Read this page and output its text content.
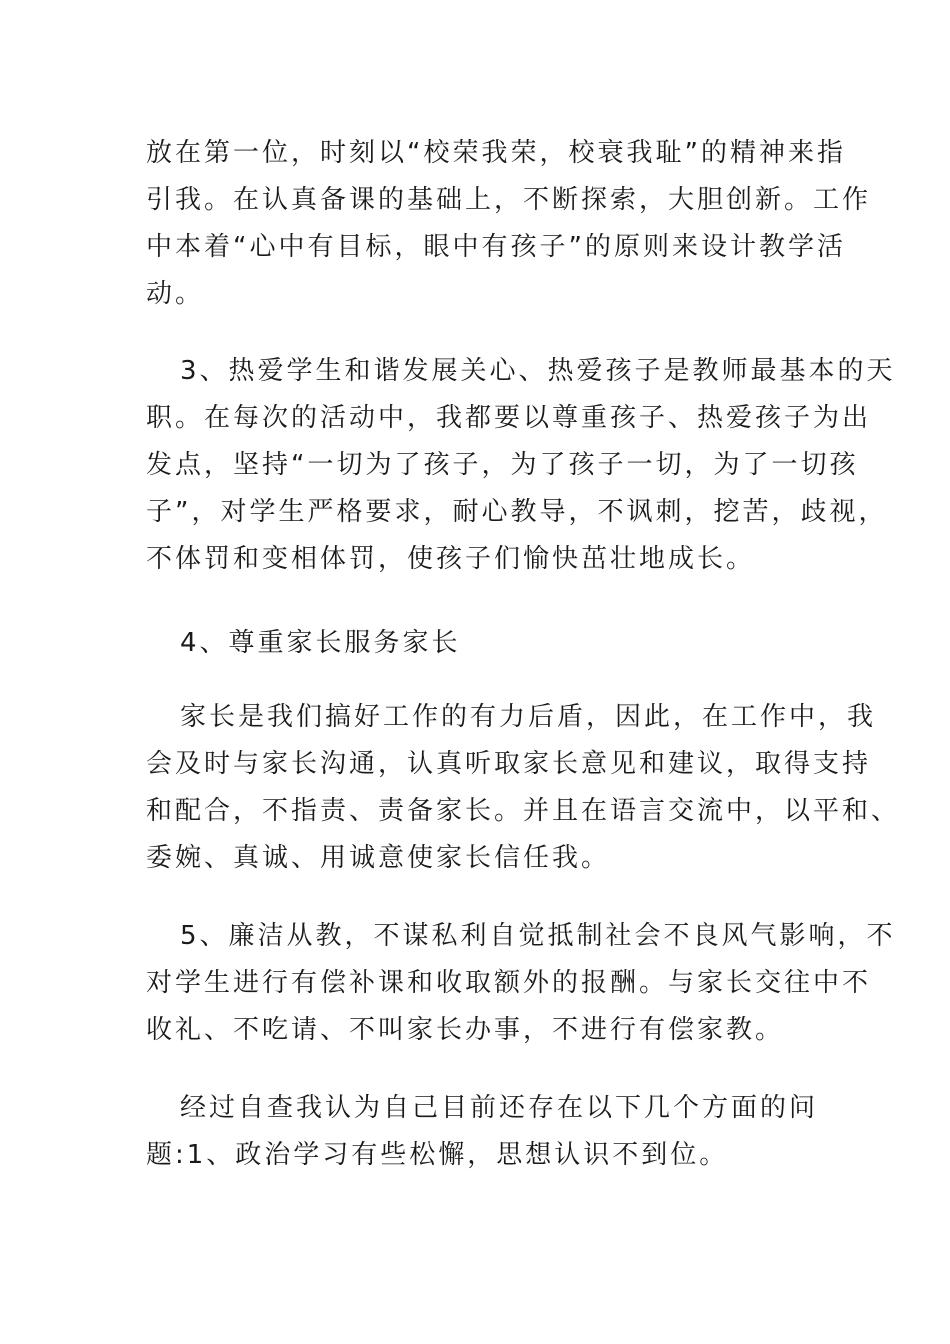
放在第一位，时刻以“校荣我荣，校衰我耻”的精神来指
引我。在认真备课的基础上，不断探索，大胆创新。工作
中本着“心中有目标，眼中有孩子”的原则来设计教学活
动。

3、热爱学生和谐发展关心、热爱孩子是教师最基本的天
职。在每次的活动中，我都要以尊重孩子、热爱孩子为出
发点，坚持“一切为了孩子，为了孩子一切，为了一切孩
子”，对学生严格要求，耐心教导，不讽刺，挖苦，歧视，
不体罚和变相体罚，使孩子们愉快茁壮地成长。

4、尊重家长服务家长

家长是我们搞好工作的有力后盾，因此，在工作中，我
会及时与家长沟通，认真听取家长意见和建议，取得支持
和配合，不指责、责备家长。并且在语言交流中，以平和、
委婉、真诚、用诚意使家长信任我。

5、廉洁从教，不谋私利自觉抵制社会不良风气影响，不
对学生进行有偿补课和收取额外的报酬。与家长交往中不
收礼、不吃请、不叫家长办事，不进行有偿家教。

经过自查我认为自己目前还存在以下几个方面的问
题:1、政治学习有些松懈，思想认识不到位。
